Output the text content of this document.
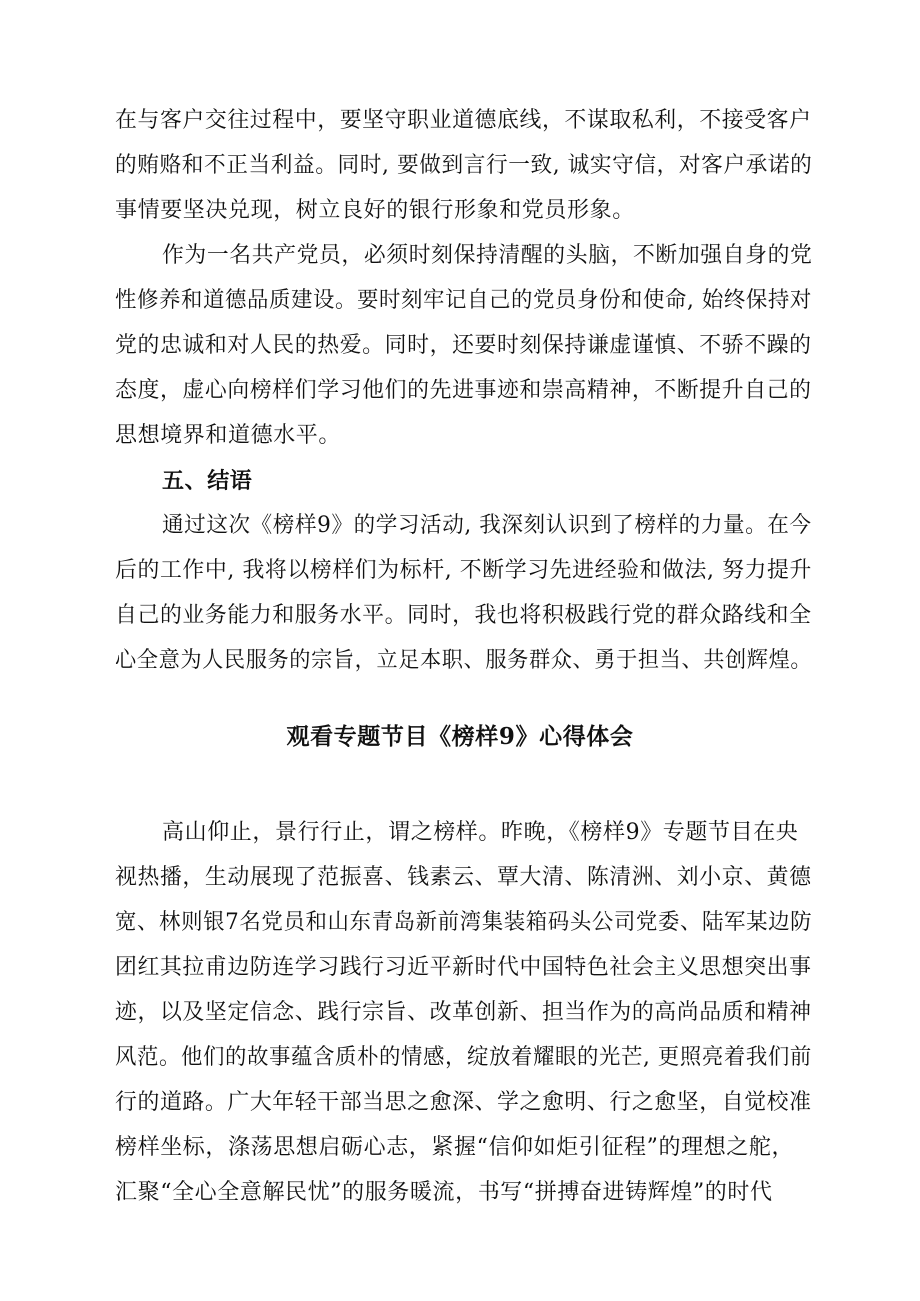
在与客户交往过程中，要坚守职业道德底线，不谋取私利，不接受客户
的贿赂和不正当利益。同时, 要做到言行一致, 诚实守信，对客户承诺的
事情要坚决兑现，树立良好的银行形象和党员形象。
作为一名共产党员，必须时刻保持清醒的头脑，不断加强自身的党
性修养和道德品质建设。要时刻牢记自己的党员身份和使命, 始终保持对
党的忠诚和对人民的热爱。同时，还要时刻保持谦虚谨慎、不骄不躁的
态度，虚心向榜样们学习他们的先进事迹和崇高精神，不断提升自己的
思想境界和道德水平。
五、结语
通过这次《榜样9》的学习活动, 我深刻认识到了榜样的力量。在今
后的工作中, 我将以榜样们为标杆, 不断学习先进经验和做法, 努力提升
自己的业务能力和服务水平。同时，我也将积极践行党的群众路线和全
心全意为人民服务的宗旨，立足本职、服务群众、勇于担当、共创辉煌。
观看专题节目《榜样9》心得体会
高山仰止，景行行止，谓之榜样。昨晚，《榜样9》专题节目在央
视热播，生动展现了范振喜、钱素云、覃大清、陈清洲、刘小京、黄德
宽、林则银7名党员和山东青岛新前湾集装箱码头公司党委、陆军某边防
团红其拉甫边防连学习践行习近平新时代中国特色社会主义思想突出事
迹，以及坚定信念、践行宗旨、改革创新、担当作为的高尚品质和精神
风范。他们的故事蕴含质朴的情感，绽放着耀眼的光芒, 更照亮着我们前
行的道路。广大年轻干部当思之愈深、学之愈明、行之愈坚，自觉校准
榜样坐标，涤荡思想启砺心志，紧握“信仰如炬引征程”的理想之舵，
汇聚“全心全意解民忧”的服务暖流，书写“拼搏奋进铸辉煌”的时代
